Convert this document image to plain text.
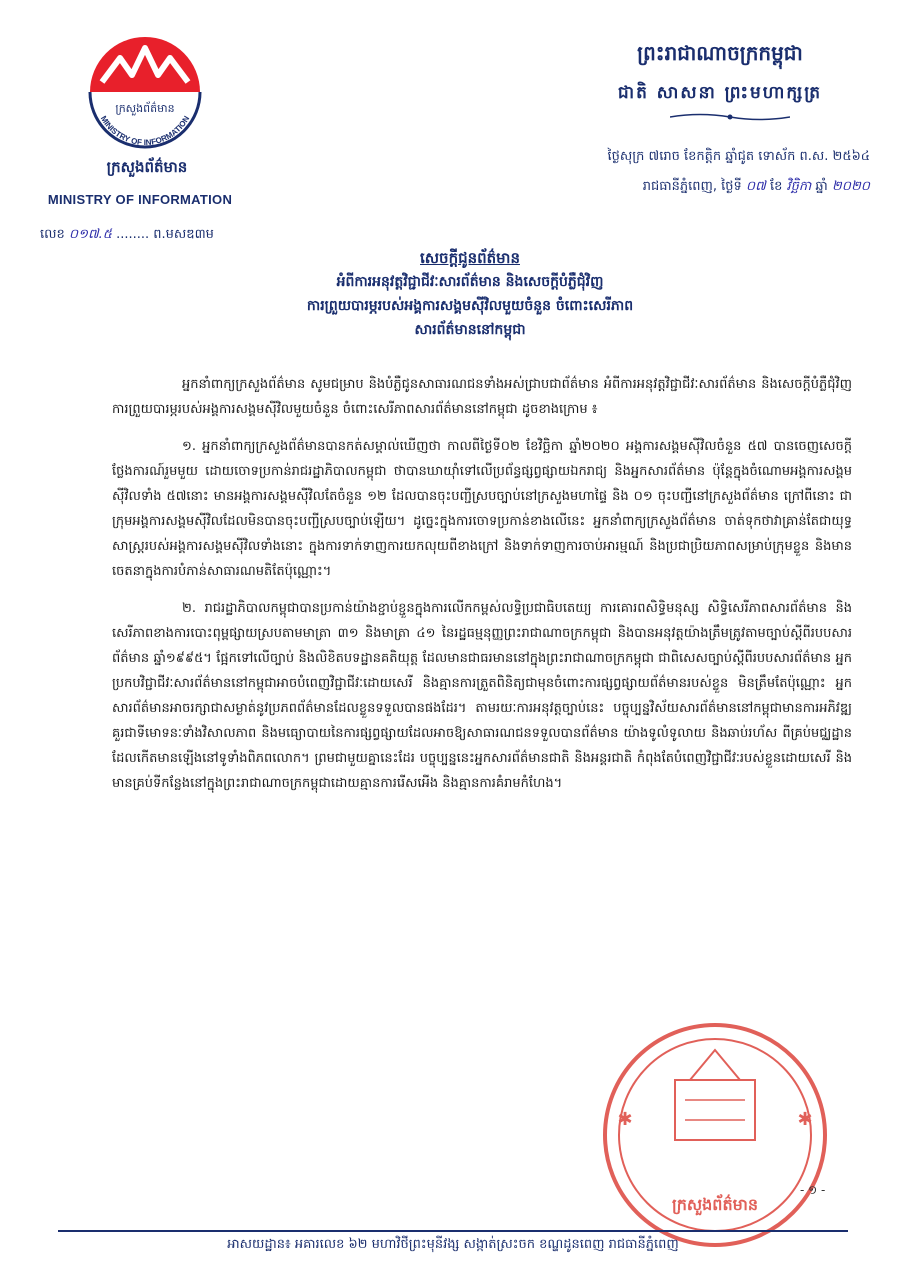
ក្រសួងព័ត៌មាន
MINISTRY OF INFORMATION
ក្រសួងព័ត៌មាន
MINISTRY OF INFORMATION
លេខ ០១៧.៥ ........ ព.មសឌ៣ម
ព្រះរាជាណាចក្រកម្ពុជា
ជាតិ សាសនា ព្រះមហាក្សត្រ
ថ្ងៃសុក្រ ៧រោច ខែកត្តិក ឆ្នាំជូត ទោស័ក ព.ស. ២៥៦៤
រាជធានីភ្នំពេញ, ថ្ងៃទី ០៧ ខែ វិច្ឆិកា ឆ្នាំ ២០២០
សេចក្ដីជូនព័ត៌មាន
អំពីការអនុវត្តវិជ្ជាជីវៈសារព័ត៌មាន និងសេចក្ដីបំភ្លឺជុំវិញ
ការព្រួយបារម្ភរបស់អង្គការសង្គមស៊ីវិលមួយចំនួន ចំពោះសេរីភាព
សារព័ត៌មាននៅកម្ពុជា

អ្នកនាំពាក្យក្រសួងព័ត៌មាន សូមជម្រាប និងបំភ្លឺជូនសាធារណជនទាំងអស់ជ្រាបជាព័ត៌មាន អំពីការអនុវត្តវិជ្ជាជីវៈសារព័ត៌មាន និងសេចក្ដីបំភ្លឺជុំវិញការព្រួយបារម្ភរបស់អង្គការសង្គមស៊ីវិលមួយចំនួន ចំពោះសេរីភាពសារព័ត៌មាននៅកម្ពុជា ដូចខាងក្រោម ៖

១. អ្នកនាំពាក្យក្រសួងព័ត៌មានបានកត់សម្គាល់ឃើញថា កាលពីថ្ងៃទី០២ ខែវិច្ឆិកា ឆ្នាំ២០២០ អង្គការសង្គមស៊ីវិលចំនួន ៥៧ បានចេញសេចក្ដីថ្លែងការណ៍រួមមួយ ដោយចោទប្រកាន់រាជរដ្ឋាភិបាលកម្ពុជា ថាបានឃាយ៉ាំទៅលើប្រព័ន្ធផ្សព្វផ្សាយឯករាជ្យ និងអ្នកសារព័ត៌មាន ប៉ុន្តែក្នុងចំណោមអង្គការសង្គមស៊ីវិលទាំង ៥៧នោះ មានអង្គការសង្គមស៊ីវិលតែចំនួន ១២ ដែលបានចុះបញ្ជីស្របច្បាប់នៅក្រសួងមហាផ្ទៃ និង ០១ ចុះបញ្ជីនៅក្រសួងព័ត៌មាន ក្រៅពីនោះ ជាក្រុមអង្គការសង្គមស៊ីវិលដែលមិនបានចុះបញ្ជីស្របច្បាប់ឡើយ។ ដូច្នេះក្នុងការចោទប្រកាន់ខាងលើនេះ អ្នកនាំពាក្យក្រសួងព័ត៌មាន ចាត់ទុកថាវាគ្រាន់តែជាយុទ្ធសាស្ត្ររបស់អង្គការសង្គមស៊ីវិលទាំងនោះ ក្នុងការទាក់ទាញការយកលុយពីខាងក្រៅ និងទាក់ទាញការចាប់អារម្មណ៍ និងប្រជាប្រិយភាពសម្រាប់ក្រុមខ្លួន និងមានចេតនាក្នុងការបំភាន់សាធារណមតិតែប៉ុណ្ណោះ។

២. រាជរដ្ឋាភិបាលកម្ពុជាបានប្រកាន់យ៉ាងខ្ជាប់ខ្ជួនក្នុងការលើកកម្ពស់លទ្ធិប្រជាធិបតេយ្យ ការគោរពសិទ្ធិមនុស្ស សិទ្ធិសេរីភាពសារព័ត៌មាន និងសេរីភាពខាងការបោះពុម្ពផ្សាយស្របតាមមាត្រា ៣១ និងមាត្រា ៤១ នៃរដ្ឋធម្មនុញ្ញព្រះរាជាណាចក្រកម្ពុជា និងបានអនុវត្តយ៉ាងត្រឹមត្រូវតាមច្បាប់ស្ដីពីរបបសារព័ត៌មាន ឆ្នាំ១៩៩៥។ ផ្អែកទៅលើច្បាប់ និងលិខិតបទដ្ឋានគតិយុត្ត ដែលមានជាធរមាននៅក្នុងព្រះរាជាណាចក្រកម្ពុជា ជាពិសេសច្បាប់ស្ដីពីរបបសារព័ត៌មាន អ្នកប្រកបវិជ្ជាជីវៈសារព័ត៌មាននៅកម្ពុជាអាចបំពេញវិជ្ជាជីវៈដោយសេរី និងគ្មានការត្រួតពិនិត្យជាមុនចំពោះការផ្សព្វផ្សាយព័ត៌មានរបស់ខ្លួន មិនត្រឹមតែប៉ុណ្ណោះ អ្នកសារព័ត៌មានអាចរក្សាជាសម្ងាត់នូវប្រភពព័ត៌មានដែលខ្លួនទទួលបានផងដែរ។ តាមរយៈការអនុវត្តច្បាប់នេះ បច្ចុប្បន្នវិស័យសារព័ត៌មាននៅកម្ពុជាមានការអភិវឌ្ឍគួរជាទីមោទនៈទាំងវិសាលភាព និងមធ្យោបាយនៃការផ្សព្វផ្សាយដែលអាចឱ្យសាធារណជនទទួលបានព័ត៌មាន យ៉ាងទូលំទូលាយ និងឆាប់រហ័ស ពីគ្រប់មជ្ឈដ្ឋានដែលកើតមានឡើងនៅទូទាំងពិភពលោក។ ព្រមជាមួយគ្នានេះដែរ បច្ចុប្បន្ននេះអ្នកសារព័ត៌មានជាតិ និងអន្តរជាតិ កំពុងតែបំពេញវិជ្ជាជីវៈរបស់ខ្លួនដោយសេរី និងមានគ្រប់ទីកន្លែងនៅក្នុងព្រះរាជាណាចក្រកម្ពុជាដោយគ្មានការរើសអើង និងគ្មានការគំរាមកំហែង។

✱
✱
ក្រសួងព័ត៌មាន
- ១ -
អាសយដ្ឋាន៖ អគារលេខ ៦២ មហាវិថីព្រះមុនីវង្ស សង្កាត់ស្រះចក ខណ្ឌដូនពេញ រាជធានីភ្នំពេញ
